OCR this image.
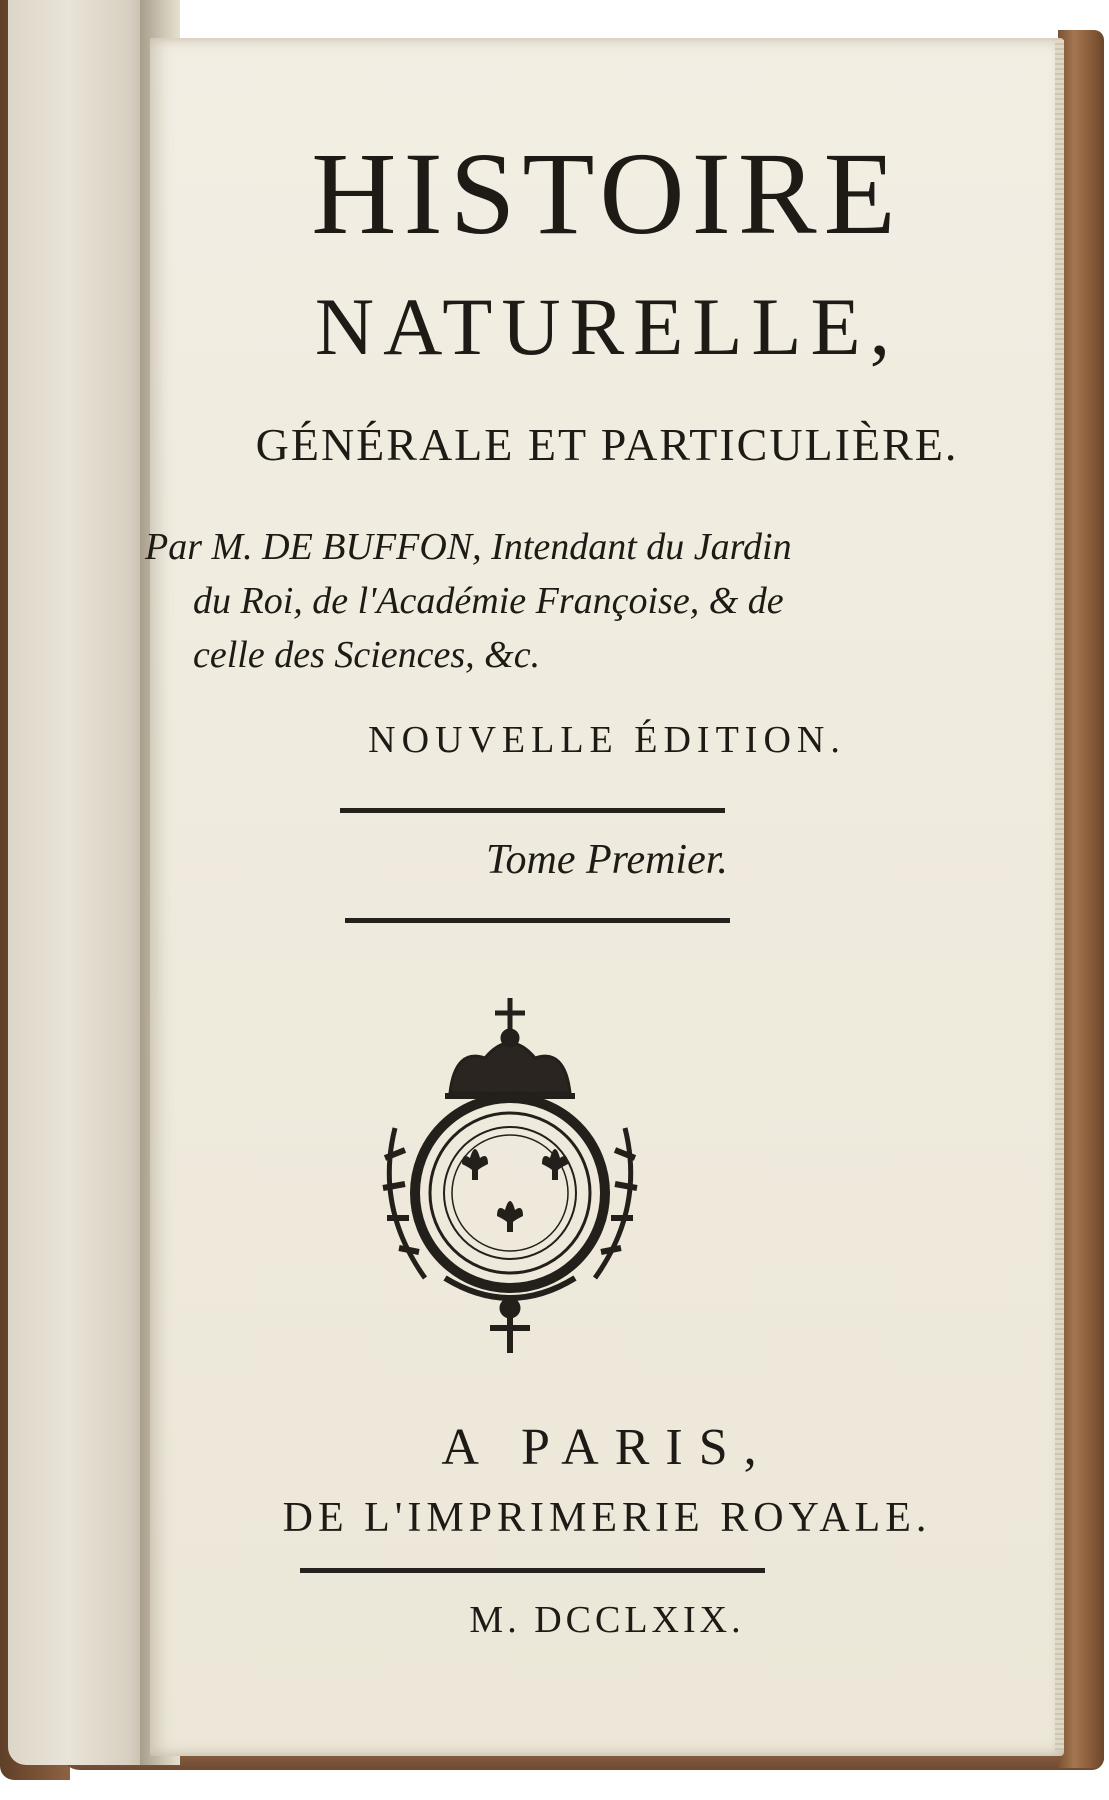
HISTOIRE
NATURELLE,
GÉNÉRALE ET PARTICULIÈRE.
Par M. DE BUFFON, Intendant du Jardin
du Roi, de l'Académie Françoise, & de
celle des Sciences, &c.
NOUVELLE ÉDITION.
Tome Premier.
A PARIS,
DE L'IMPRIMERIE ROYALE.
M. DCCLXIX.
